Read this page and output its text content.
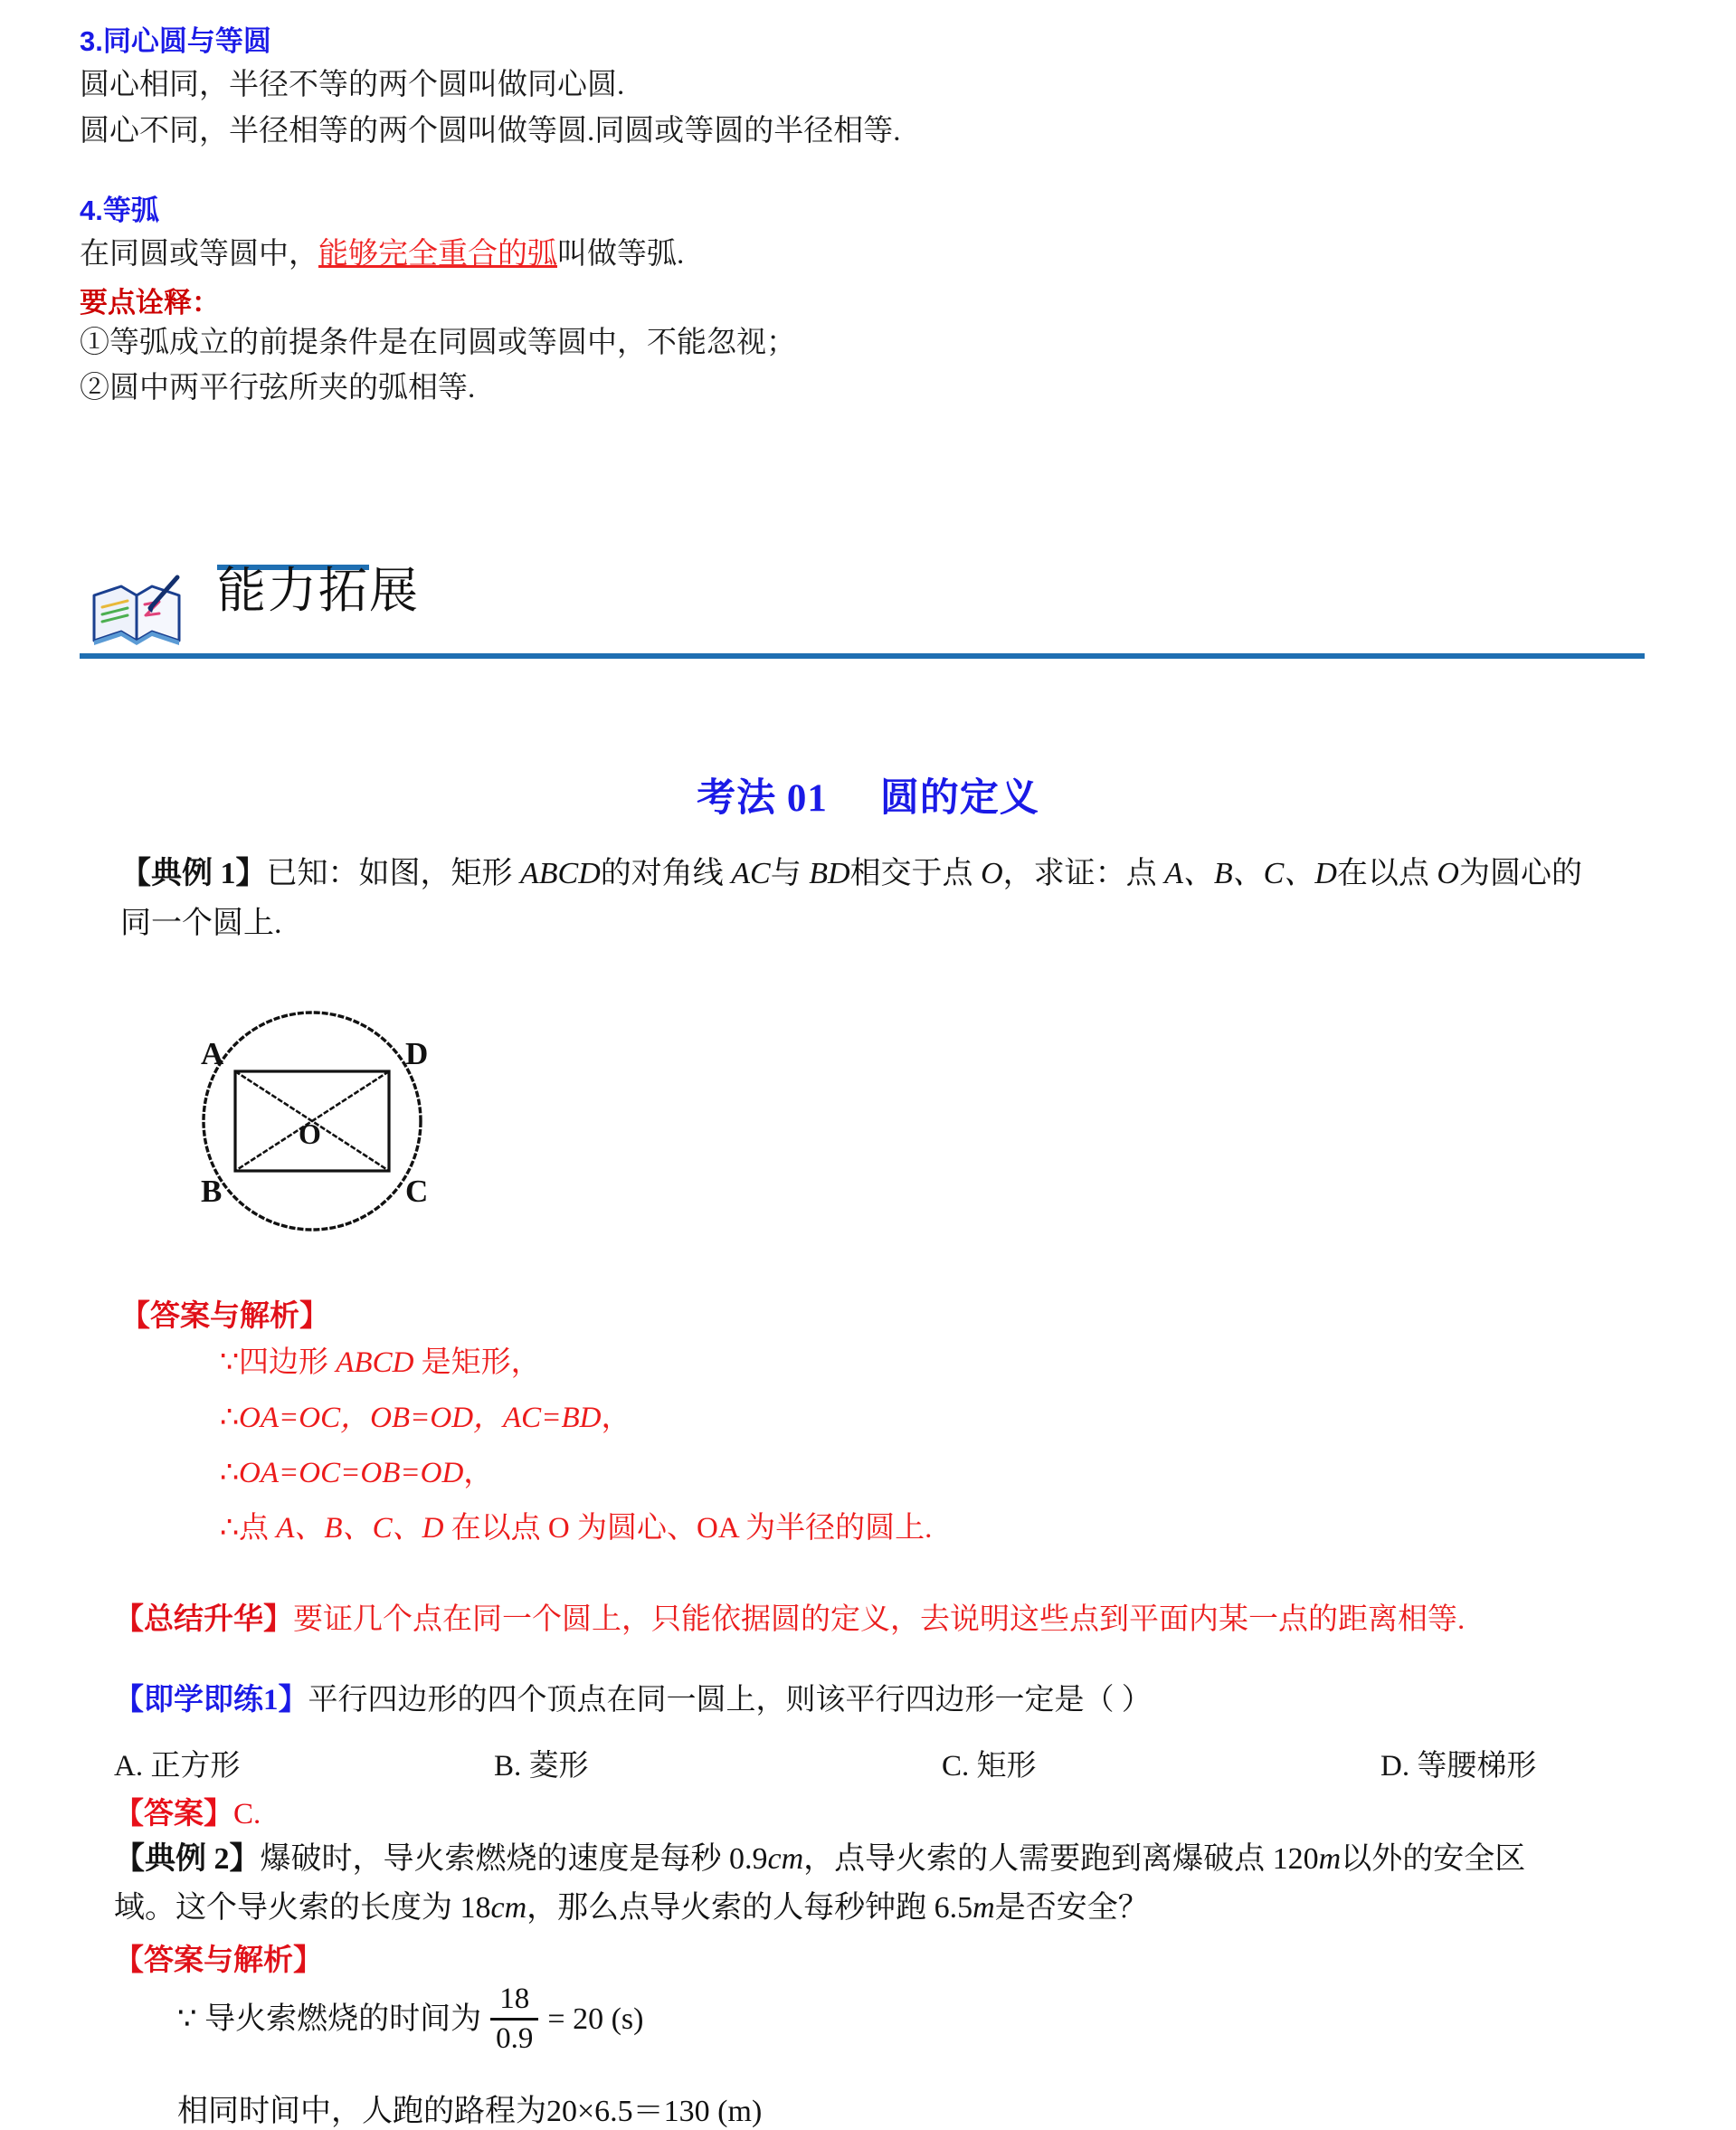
3.同心圆与等圆
圆心相同，半径不等的两个圆叫做同心圆.
圆心不同，半径相等的两个圆叫做等圆.同圆或等圆的半径相等.
4.等弧
在同圆或等圆中，能够完全重合的弧叫做等弧.
要点诠释：
①等弧成立的前提条件是在同圆或等圆中，不能忽视；
②圆中两平行弦所夹的弧相等.
能力拓展
考法 01 圆的定义
【典例 1】已知：如图，矩形 ABCD的对角线 AC与 BD相交于点 O，求证：点 A、B、C、D在以点 O为圆心的
同一个圆上.
A	D
B	C
O
【答案与解析】
∵四边形 ABCD 是矩形，
∴OA=OC，OB=OD，AC=BD，
∴OA=OC=OB=OD，
∴点 A、B、C、D 在以点 O 为圆心、OA 为半径的圆上.
【总结升华】要证几个点在同一个圆上，只能依据圆的定义，去说明这些点到平面内某一点的距离相等.
【即学即练1】平行四边形的四个顶点在同一圆上，则该平行四边形一定是（ ）
A. 正方形	B. 菱形	C. 矩形	D. 等腰梯形
【答案】C.
【典例 2】爆破时，导火索燃烧的速度是每秒 0.9cm，点导火索的人需要跑到离爆破点 120m以外的安全区
域。这个导火索的长度为 18cm，那么点导火索的人每秒钟跑 6.5m是否安全？
【答案与解析】
∵ 导火索燃烧的时间为 $\frac{18}{0.9} = 20$ (s)
相同时间中，人跑的路程为20×6.5＝130 (m)
